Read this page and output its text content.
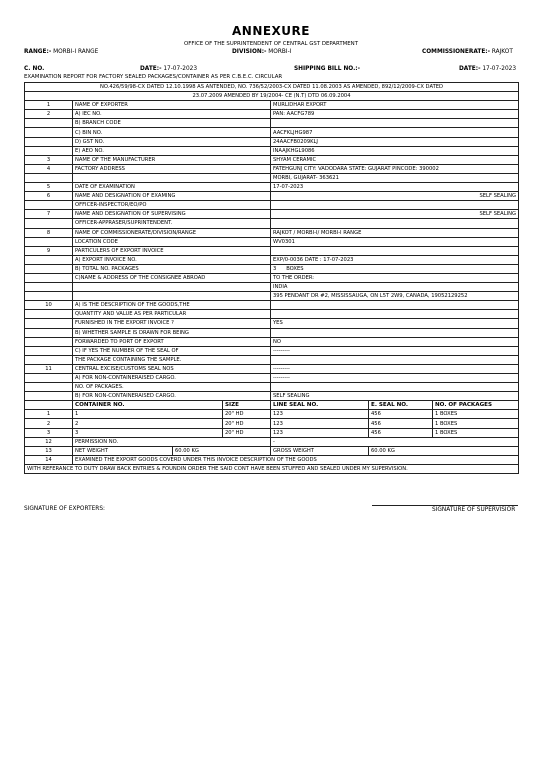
ANNEXURE
OFFICE OF THE SUPRINTENDENT OF CENTRAL GST DEPARTMENT
RANGE:- MORBI-I RANGE	DIVISION:- MORBI-I	COMMISSIONERATE:- RAJKOT
C. NO.	DATE:- 17-07-2023	SHIPPING BILL NO.:-	DATE:- 17-07-2023
EXAMINATION REPORT FOR FACTORY SEALED PACKAGES/CONTAINER AS PER C.B.E.C. CIRCULAR
NO.426/59/98-CX DATED 12.10.1998 AS ANTENDED, NO. 736/52/2003-CX DATED 11.08.2003 AS AMENDED, 892/12/2009-CX DATED						
23.07.2009 AMENDED BY 19/2004- CE (N.T) DTD 06.09.2004						
1	NAME OF EXPORTER			MURLIDHAR EXPORT		
2	A) IEC NO.			PAN: AACFG789		
	B) BRANCH CODE					
	C) BIN NO.			AACFKLJHG987		
	D) GST NO.			24AACFB0209KLJ		
	E) AEO NO.			INAAJKHGL9086		
3	NAME OF THE MANUFACTURER			SHYAM CERAMIC		
4	FACTORY ADDRESS			FATEHGUNJ CITY: VADODARA STATE: GUJARAT PINCODE: 390002		
				MORBI, GUJARAT- 363621		
5	DATE OF EXAMINATION			17-07-2023		
6	NAME AND DESIGNATION OF EXAMING			SELF SEALING		
	OFFICER-INSPECTOR/EO/PO					
7	NAME AND DESIGNATION OF SUPERVISING			SELF SEALING		
	OFFICER-APPRASER/SUPRINTENDENT.					
8	NAME OF COMMISSIONERATE/DIVISION/RANGE			RAJKOT / MORBI-I/ MORBI-I RANGE		
	LOCATION CODE			WV0301		
9	PARTICULERS OF EXPORT INVOICE					
	A) EXPORT INVOICE NO.			EXP/0-0036 DATE : 17-07-2023		
	B) TOTAL NO. PACKAGES			3      BOXES		
	C)NAME & ADDRESS OF THE CONSIGNEE ABROAD			TO THE ORDER:		
				INDIA		
				395 PENDANT DR #2, MISSISSAUGA, ON L5T 2W9, CANADA, 19052129252		
10	A) IS THE DESCRIPTION OF THE GOODS,THE					
	QUANTITY AND VALUE AS PER PARTICULAR					
	FURNISHED IN THE EXPORT INVOICE ?			YES		
	B) WHETHER SAMPLE IS DRAWN FOR BEING					
	FORWARDED TO PORT OF EXPORT			NO		
	C) IF YES THE NUMBER OF THE SEAL OF			---------		
	THE PACKAGE CONTAINING THE SAMPLE.					
11	CENTRAL EXCISE/CUSTOMS SEAL NOS			---------		
	A) FOR NON-CONTAINERAISED CARGO.			---------		
	NO. OF PACKAGES.					
	B) FOR NON-CONTAINERAISED CARGO.			SELF SEALING		
	CONTAINER NO.		SIZE	LINE SEAL NO.	E. SEAL NO.	NO. OF PACKAGES
1	1		20" HD	123	456	1 BOXES
2	2		20" HD	123	456	1 BOXES
3	3		20" HD	123	456	1 BOXES
12	PERMISSION NO.			-		
13	NET WEIGHT	60.00 KG		GROSS WEIGHT	60.00 KG	
14	EXAMINED THE EXPORT GOODS COVERD UNDER THIS INVOICE DESCRIPTION OF THE GOODS					
WITH REFERANCE TO DUTY DRAW BACK ENTRIES & FOUNDIN ORDER THE SAID CONT HAVE BEEN STUFFED AND SEALED UNDER MY SUPERVISION.						
SIGNATURE OF EXPORTERS:	SIGNATURE OF SUPERVISIOR
